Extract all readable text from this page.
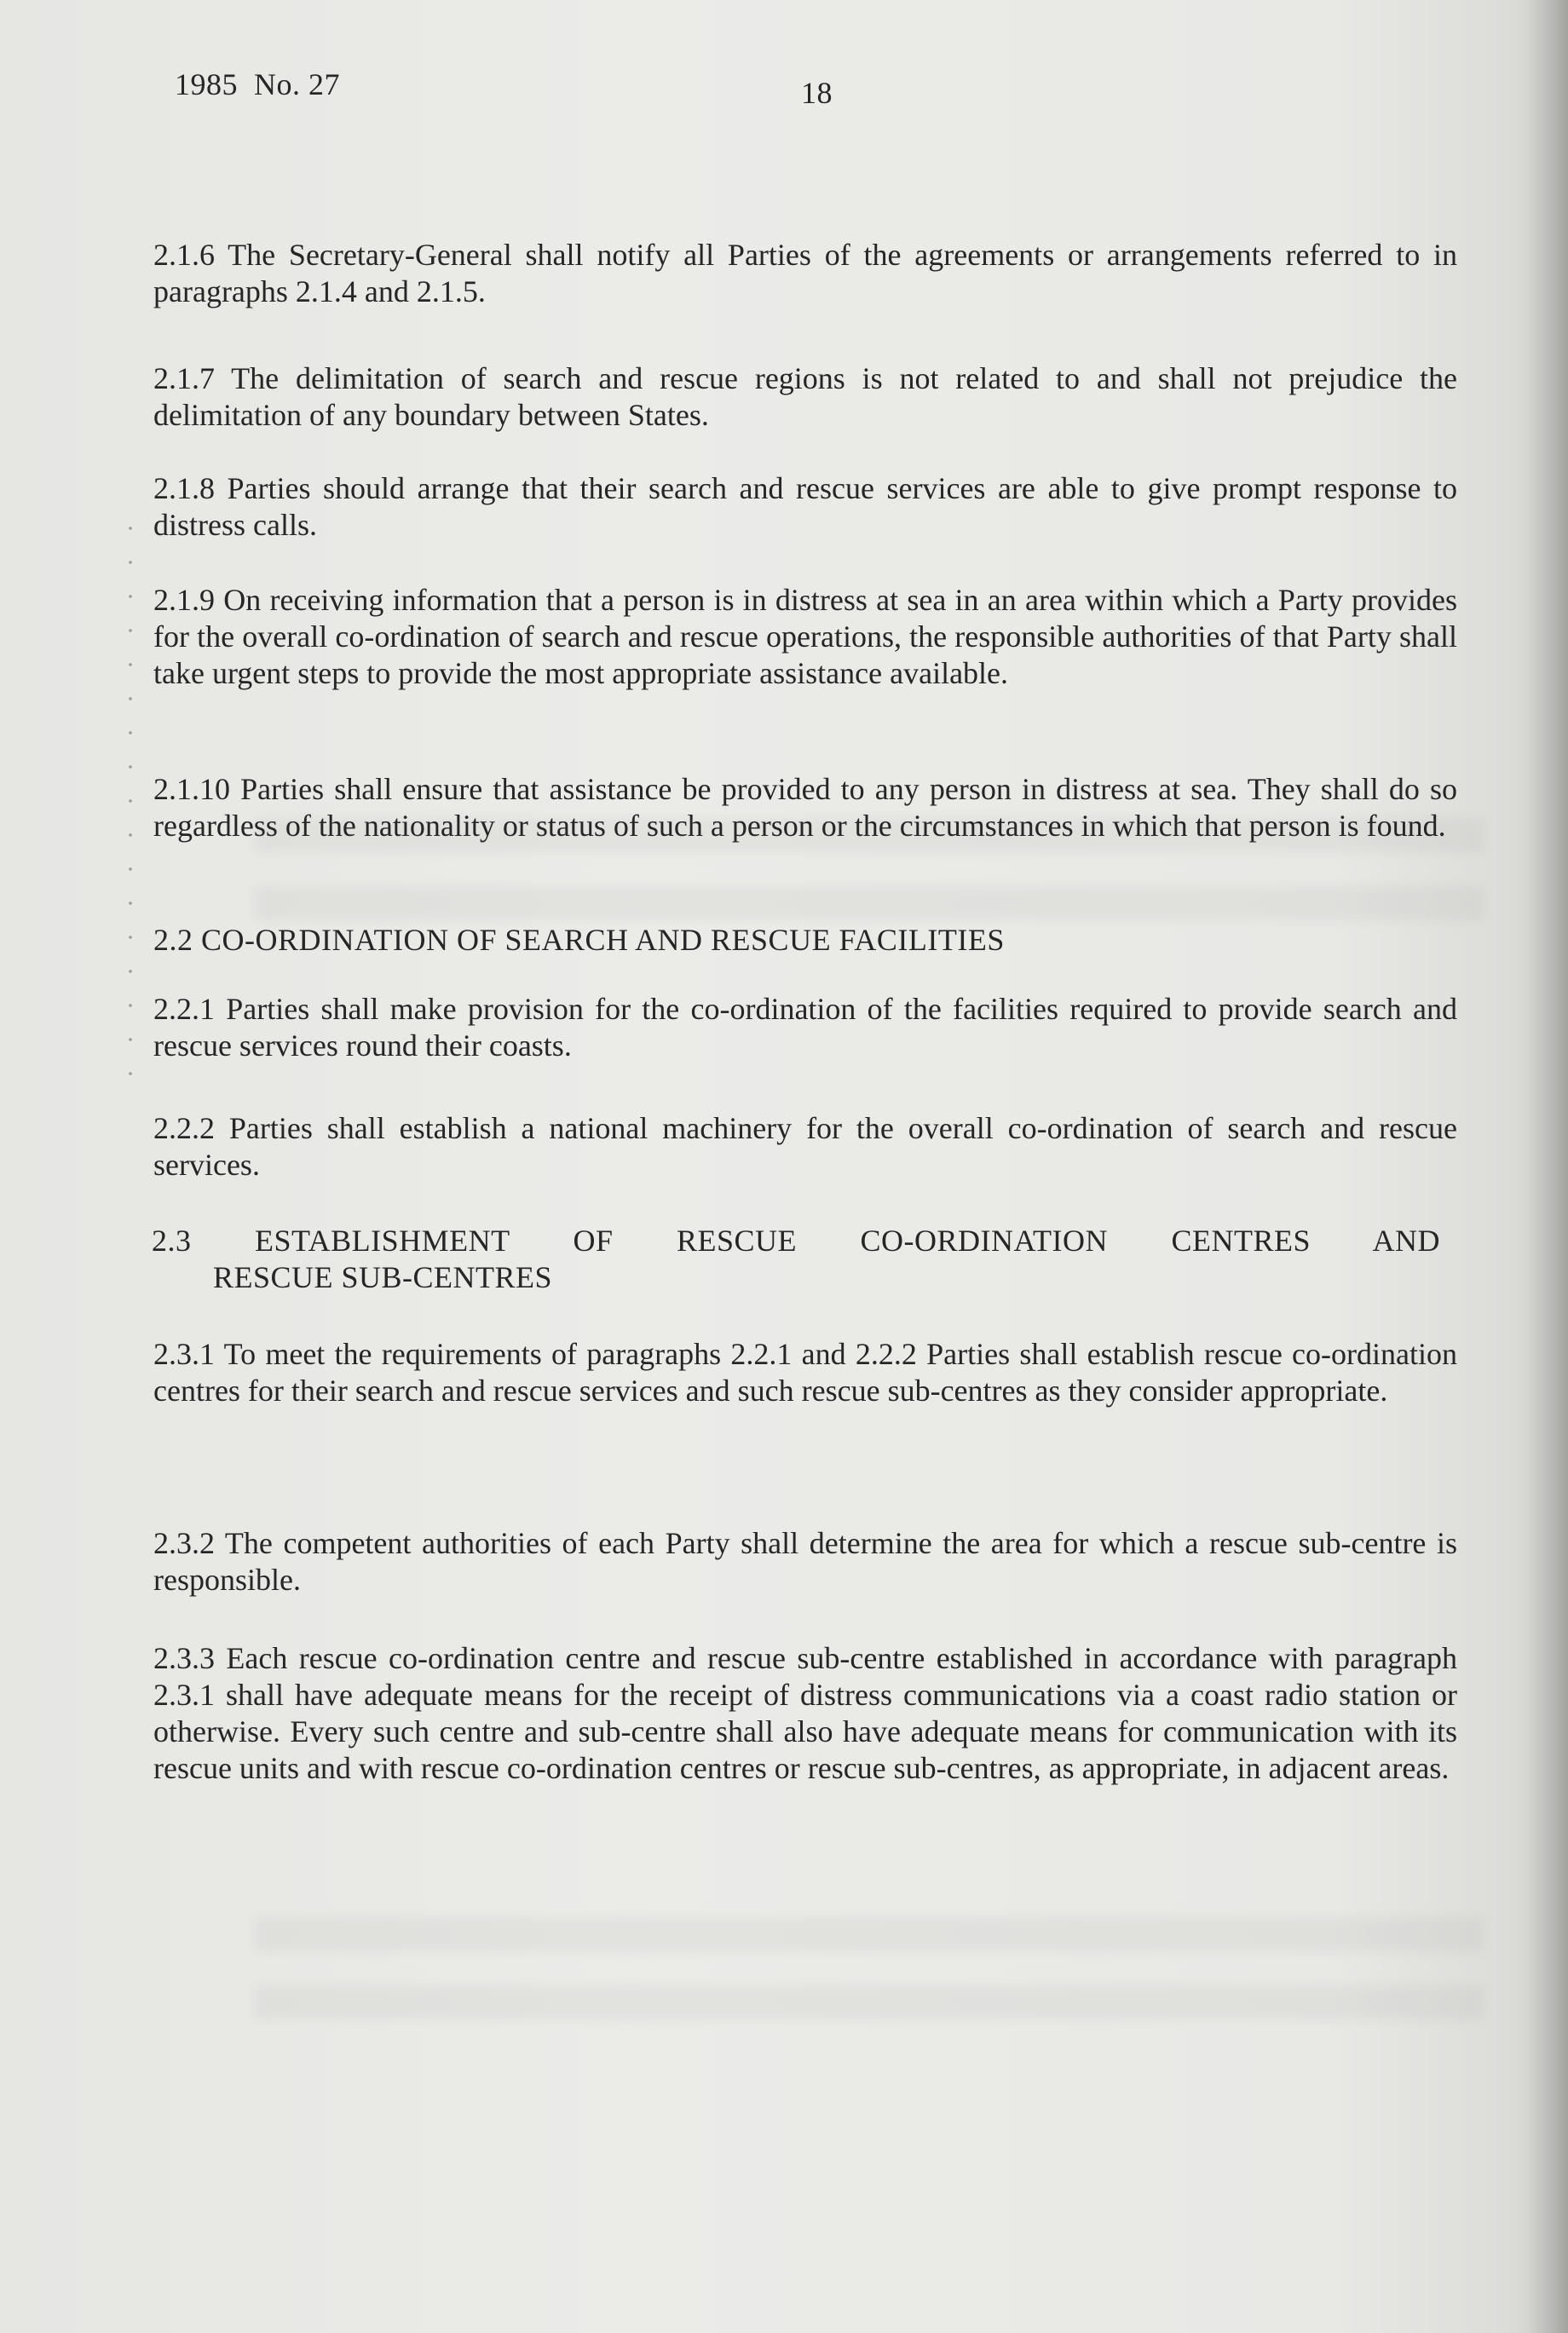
1985  No. 27	18

2.1.6 The Secretary-General shall notify all Parties of the agreements or arrangements referred to in paragraphs 2.1.4 and 2.1.5.

2.1.7 The delimitation of search and rescue regions is not related to and shall not prejudice the delimitation of any boundary between States.

2.1.8 Parties should arrange that their search and rescue services are able to give prompt response to distress calls.

2.1.9 On receiving information that a person is in distress at sea in an area within which a Party provides for the overall co-ordination of search and rescue operations, the responsible authorities of that Party shall take urgent steps to provide the most appropriate assistance available.

2.1.10 Parties shall ensure that assistance be provided to any person in distress at sea. They shall do so regardless of the nationality or status of such a person or the circumstances in which that person is found.

2.2 CO-ORDINATION OF SEARCH AND RESCUE FACILITIES

2.2.1 Parties shall make provision for the co-ordination of the facilities required to provide search and rescue services round their coasts.

2.2.2 Parties shall establish a national machinery for the overall co-ordination of search and rescue services.

2.3 ESTABLISHMENT OF RESCUE CO-ORDINATION CENTRES AND
RESCUE SUB-CENTRES

2.3.1 To meet the requirements of paragraphs 2.2.1 and 2.2.2 Parties shall establish rescue co-ordination centres for their search and rescue services and such rescue sub-centres as they consider appropriate.

2.3.2 The competent authorities of each Party shall determine the area for which a rescue sub-centre is responsible.

2.3.3 Each rescue co-ordination centre and rescue sub-centre established in accordance with paragraph 2.3.1 shall have adequate means for the receipt of distress communications via a coast radio station or otherwise. Every such centre and sub-centre shall also have adequate means for communication with its rescue units and with rescue co-ordination centres or rescue sub-centres, as appropriate, in adjacent areas.
